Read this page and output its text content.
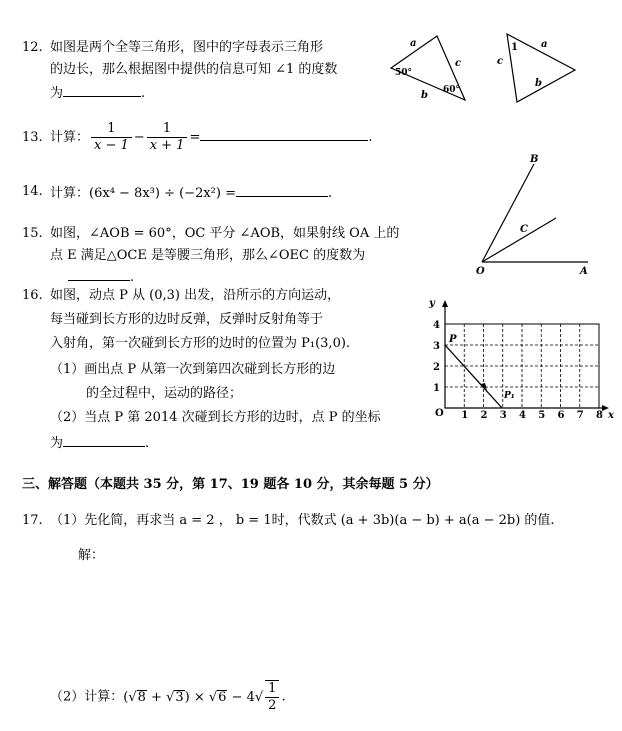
12. 如图是两个全等三角形，图中的字母表示三角形
的边长，那么根据图中提供的信息可知 ∠1 的度数
为	.
a
c
b
50°
60°
1 a
c
b
13. 计算： $\frac{1}{x - 1} - \frac{1}{x + 1}$ =	.
14. 计算：(6x⁴ − 8x³) ÷ (−2x²) =	.
15. 如图，∠AOB = 60°，OC 平分 ∠AOB，如果射线 OA 上的
点 E 满足△OCE 是等腰三角形，那么∠OEC 的度数为
.
B
C
O	A
16. 如图，动点 P 从 (0,3) 出发，沿所示的方向运动，
每当碰到长方形的边时反弹，反弹时反射角等于
入射角，第一次碰到长方形的边时的位置为 P₁(3,0).
（1）画出点 P 从第一次到第四次碰到长方形的边
的全过程中，运动的路径；
（2）当点 P 第 2014 次碰到长方形的边时，点 P 的坐标
为	.
y
x
O
P
P₁
1 2 3 4 5 6 7 8
1
2
3
4
三、解答题（本题共 35 分，第 17、19 题各 10 分，其余每题 5 分）
17. （1）先化简，再求当 a = 2 ， b = 1时，代数式 (a + 3b)(a − b) + a(a − 2b) 的值.
解：
（2）计算：$(√8 + √3) \times √6 - 4√ \frac{1}{2}$ .
